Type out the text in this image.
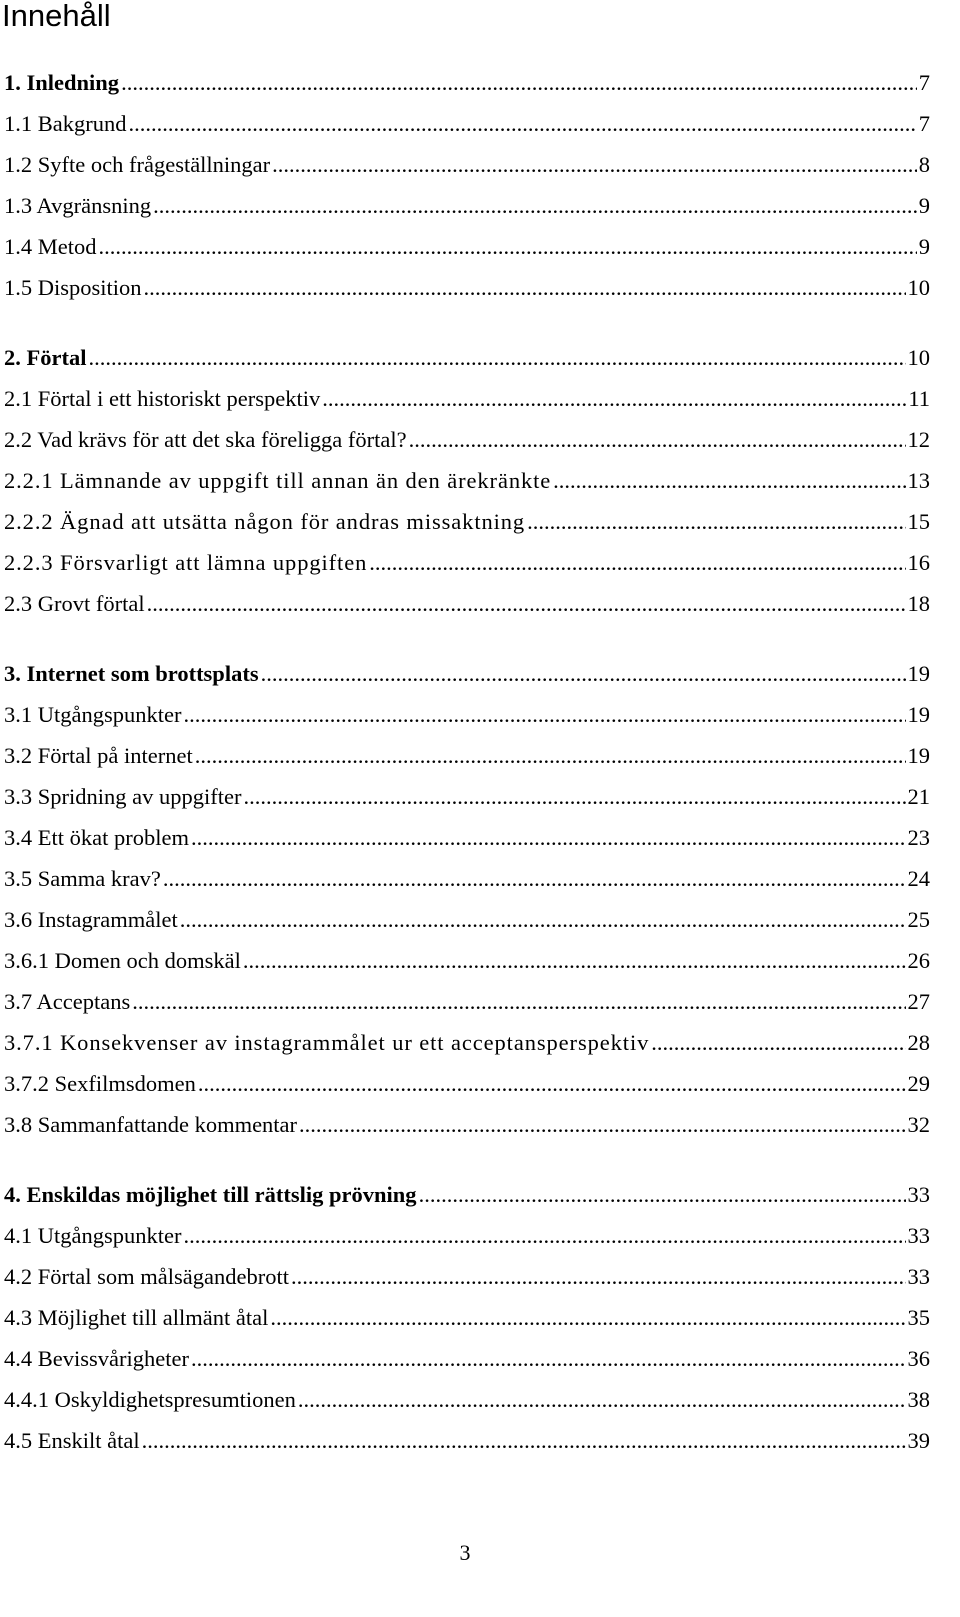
Innehåll
1. Inledning .....	7
1.1 Bakgrund .....	7
1.2 Syfte och frågeställningar .....	8
1.3 Avgränsning .....	9
1.4 Metod .....	9
1.5 Disposition .....	10
2. Förtal .....	10
2.1 Förtal i ett historiskt perspektiv .....	11
2.2 Vad krävs för att det ska föreligga förtal? .....	12
2.2.1 Lämnande av uppgift till annan än den ärekränkte .....	13
2.2.2 Ägnad att utsätta någon för andras missaktning .....	15
2.2.3 Försvarligt att lämna uppgiften .....	16
2.3 Grovt förtal .....	18
3. Internet som brottsplats .....	19
3.1 Utgångspunkter .....	19
3.2 Förtal på internet .....	19
3.3 Spridning av uppgifter .....	21
3.4 Ett ökat problem .....	23
3.5 Samma krav? .....	24
3.6 Instagrammålet .....	25
3.6.1 Domen och domskäl .....	26
3.7 Acceptans .....	27
3.7.1 Konsekvenser av instagrammålet ur ett acceptansperspektiv .....	28
3.7.2 Sexfilmsdomen .....	29
3.8 Sammanfattande kommentar .....	32
4. Enskildas möjlighet till rättslig prövning .....	33
4.1 Utgångspunkter .....	33
4.2 Förtal som målsägandebrott .....	33
4.3 Möjlighet till allmänt åtal .....	35
4.4 Bevissvårigheter .....	36
4.4.1 Oskyldighetspresumtionen .....	38
4.5 Enskilt åtal .....	39
3
